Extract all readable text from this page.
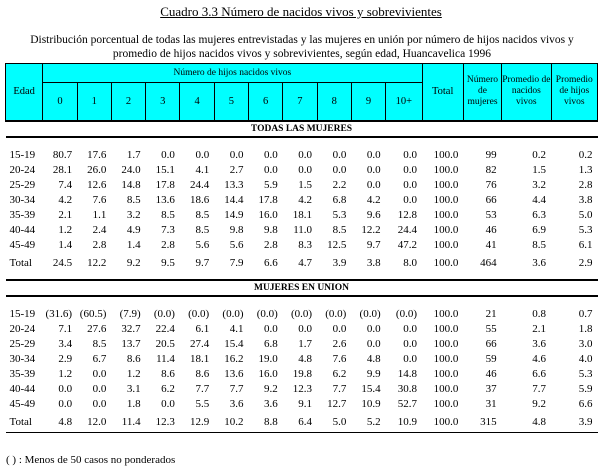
Cuadro 3.3 Número de nacidos vivos y sobrevivientes
Distribución porcentual de todas las mujeres entrevistadas y las mujeres en unión por número de hijos nacidos vivos y promedio de hijos nacidos vivos y sobrevivientes, según edad, Huancavelica 1996
Edad	Número de hijos nacidos vivos											Total	Número de mujeres	Promedio de nacidos vivos	Promedio de hijos vivos
	0	1	2	3	4	5	6	7	8	9	10+				
TODAS LAS MUJERES															

15-19	80.7	17.6	1.7	0.0	0.0	0.0	0.0	0.0	0.0	0.0	0.0	100.0	99	0.2	0.2
20-24	28.1	26.0	24.0	15.1	4.1	2.7	0.0	0.0	0.0	0.0	0.0	100.0	82	1.5	1.3
25-29	7.4	12.6	14.8	17.8	24.4	13.3	5.9	1.5	2.2	0.0	0.0	100.0	76	3.2	2.8
30-34	4.2	7.6	8.5	13.6	18.6	14.4	17.8	4.2	6.8	4.2	0.0	100.0	66	4.4	3.8
35-39	2.1	1.1	3.2	8.5	8.5	14.9	16.0	18.1	5.3	9.6	12.8	100.0	53	6.3	5.0
40-44	1.2	2.4	4.9	7.3	8.5	9.8	9.8	11.0	8.5	12.2	24.4	100.0	46	6.9	5.3
45-49	1.4	2.8	1.4	2.8	5.6	5.6	2.8	8.3	12.5	9.7	47.2	100.0	41	8.5	6.1
Total	24.5	12.2	9.2	9.5	9.7	7.9	6.6	4.7	3.9	3.8	8.0	100.0	464	3.6	2.9

MUJERES EN UNION															

15-19	(31.6)	(60.5)	(7.9)	(0.0)	(0.0)	(0.0)	(0.0)	(0.0)	(0.0)	(0.0)	(0.0)	100.0	21	0.8	0.7
20-24	7.1	27.6	32.7	22.4	6.1	4.1	0.0	0.0	0.0	0.0	0.0	100.0	55	2.1	1.8
25-29	3.4	8.5	13.7	20.5	27.4	15.4	6.8	1.7	2.6	0.0	0.0	100.0	66	3.6	3.0
30-34	2.9	6.7	8.6	11.4	18.1	16.2	19.0	4.8	7.6	4.8	0.0	100.0	59	4.6	4.0
35-39	1.2	0.0	1.2	8.6	8.6	13.6	16.0	19.8	6.2	9.9	14.8	100.0	46	6.6	5.3
40-44	0.0	0.0	3.1	6.2	7.7	7.7	9.2	12.3	7.7	15.4	30.8	100.0	37	7.7	5.9
45-49	0.0	0.0	1.8	0.0	5.5	3.6	3.6	9.1	12.7	10.9	52.7	100.0	31	9.2	6.6
Total	4.8	12.0	11.4	12.3	12.9	10.2	8.8	6.4	5.0	5.2	10.9	100.0	315	4.8	3.9
( ) : Menos de 50 casos no ponderados
